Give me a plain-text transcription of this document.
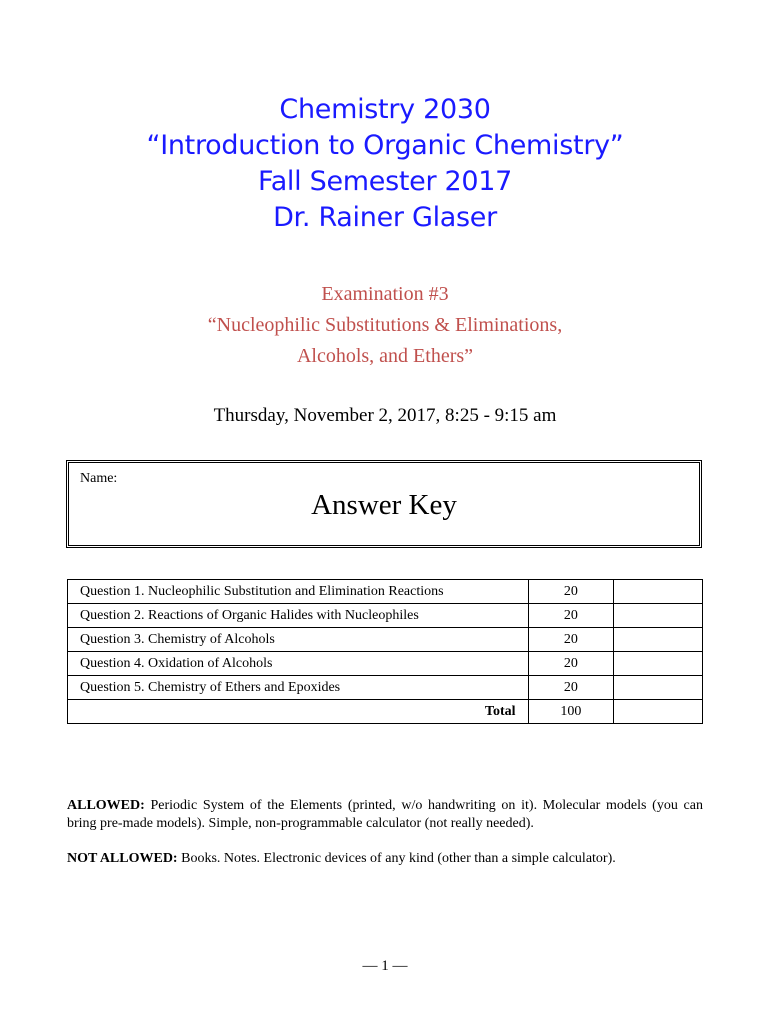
Chemistry 2030
“Introduction to Organic Chemistry”
Fall Semester 2017
Dr. Rainer Glaser
Examination #3
“Nucleophilic Substitutions & Eliminations,
Alcohols, and Ethers”
Thursday, November 2, 2017, 8:25 - 9:15 am
Name:
Answer Key
Question 1. Nucleophilic Substitution and Elimination Reactions	20	
Question 2. Reactions of Organic Halides with Nucleophiles	20	
Question 3. Chemistry of Alcohols	20	
Question 4. Oxidation of Alcohols	20	
Question 5. Chemistry of Ethers and Epoxides	20	
Total	100	

ALLOWED: Periodic System of the Elements (printed, w/o handwriting on it). Molecular models (you can bring pre-made models). Simple, non-programmable calculator (not really needed).

NOT ALLOWED: Books. Notes. Electronic devices of any kind (other than a simple calculator).

— 1 —
